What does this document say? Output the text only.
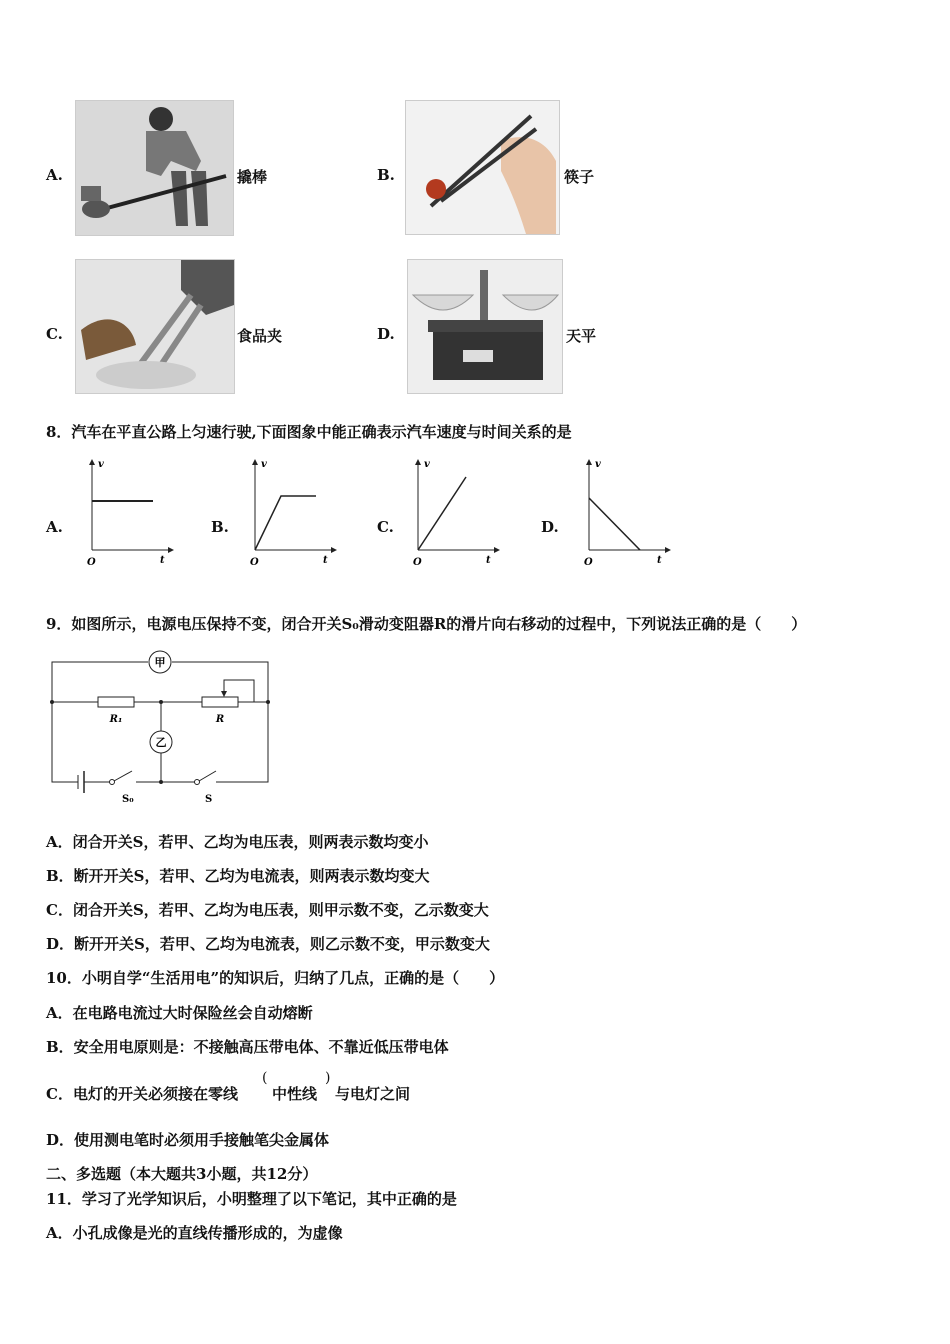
A.	撬棒	B.	筷子
C.	食品夹	D.	天平
8．汽车在平直公路上匀速行驶,下面图象中能正确表示汽车速度与时间关系的是
A.
O
v
t
B.
O
v
t
C.
O
v
t
D.
O
v
t
9．如图所示，电源电压保持不变，闭合开关S₀滑动变阻器R的滑片向右移动的过程中，下列说法正确的是（　　）
甲
R₁	R
乙
S₀	S
A．闭合开关S，若甲、乙均为电压表，则两表示数均变小
B．断开开关S，若甲、乙均为电流表，则两表示数均变大
C．闭合开关S，若甲、乙均为电压表，则甲示数不变，乙示数变大
D．断开开关S，若甲、乙均为电流表，则乙示数不变，甲示数变大
10．小明自学“生活用电”的知识后，归纳了几点，正确的是（　　）
A．在电路电流过大时保险丝会自动熔断
B．安全用电原则是：不接触高压带电体、不靠近低压带电体
C．电灯的开关必须接在零线
(
中性线
)
与电灯之间
D．使用测电笔时必须用手接触笔尖金属体
二、多选题（本大题共3小题，共12分）
11．学习了光学知识后，小明整理了以下笔记，其中正确的是
A．小孔成像是光的直线传播形成的，为虚像
